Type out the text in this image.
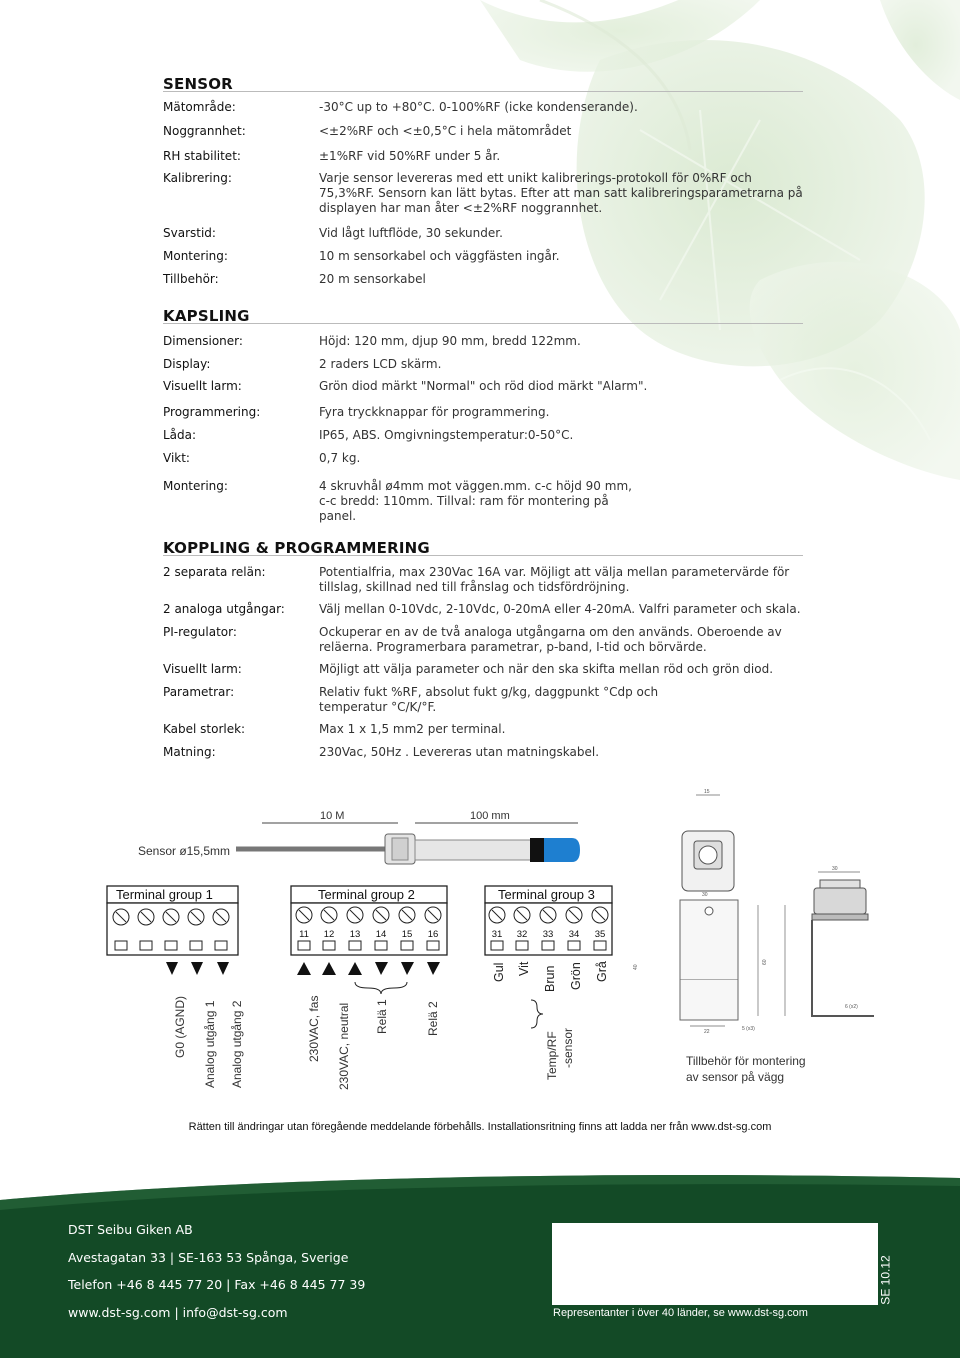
SENSOR
Mätområde:	-30°C up to +80°C. 0-100%RF (icke kondenserande).
Noggrannhet:	<±2%RF och <±0,5°C i hela mätområdet
RH stabilitet:	±1%RF vid 50%RF under 5 år.
Kalibrering:	Varje sensor levereras med ett unikt kalibrerings-protokoll för 0%RF och 75,3%RF. Sensorn kan lätt bytas. Efter att man satt kalibreringsparametrarna på displayen har man åter <±2%RF noggrannhet.
Svarstid:	Vid lågt luftflöde, 30 sekunder.
Montering:	10 m sensorkabel och väggfästen ingår.
Tillbehör:	20 m sensorkabel
KAPSLING
Dimensioner:	Höjd: 120 mm, djup 90 mm, bredd 122mm.
Display:	2 raders LCD skärm.
Visuellt larm:	Grön diod märkt "Normal" och röd diod märkt "Alarm".
Programmering:	Fyra tryckknappar för programmering.
Låda:	IP65, ABS. Omgivningstemperatur:0-50°C.
Vikt:	0,7 kg.
Montering:	4 skruvhål ø4mm mot väggen.mm. c-c höjd 90 mm, c-c bredd: 110mm. Tillval: ram för montering på panel.
KOPPLING & PROGRAMMERING
2 separata relän:	Potentialfria, max 230Vac 16A var. Möjligt att välja mellan parametervärde för tillslag, skillnad ned till frånslag och tidsfördröjning.
2 analoga utgångar:	Välj mellan 0-10Vdc, 2-10Vdc, 0-20mA eller 4-20mA. Valfri parameter och skala.
PI-regulator:	Ockuperar en av de två analoga utgångarna om den används. Oberoende av reläerna. Programerbara parametrar, p-band, I-tid och börvärde.
Visuellt larm:	Möjligt att välja parameter och när den ska skifta mellan röd och grön diod.
Parametrar:	Relativ fukt %RF, absolut fukt g/kg, daggpunkt °Cdp och temperatur °C/K/°F.
Kabel storlek:	Max 1 x 1,5 mm2 per terminal.
Matning:	230Vac, 50Hz . Levereras utan matningskabel.
10 M	100 mm
Sensor ø15,5mm
Terminal group 1
G0 (AGND) Analog utgång 1 Analog utgång 2
Terminal group 2
11 12 13 14 15 16
230VAC, fas 230VAC, neutral Relä 1	Relä 2
Terminal group 3
31 32 33 34 35
Gul Vit Brun Grön Grå
Temp/RF -sensor
15
30
60
40
22	5 (x3)
30
6 (x2)
Tillbehör för montering
av sensor på vägg
Rätten till ändringar utan föregående meddelande förbehålls. Installationsritning finns att ladda ner från www.dst-sg.com
DST Seibu Giken AB
Avestagatan 33 | SE-163 53 Spånga, Sverige
Telefon +46 8 445 77 20 | Fax +46 8 445 77 39
www.dst-sg.com | info@dst-sg.com	Representanter i över 40 länder, se www.dst-sg.com
SE 10.12
